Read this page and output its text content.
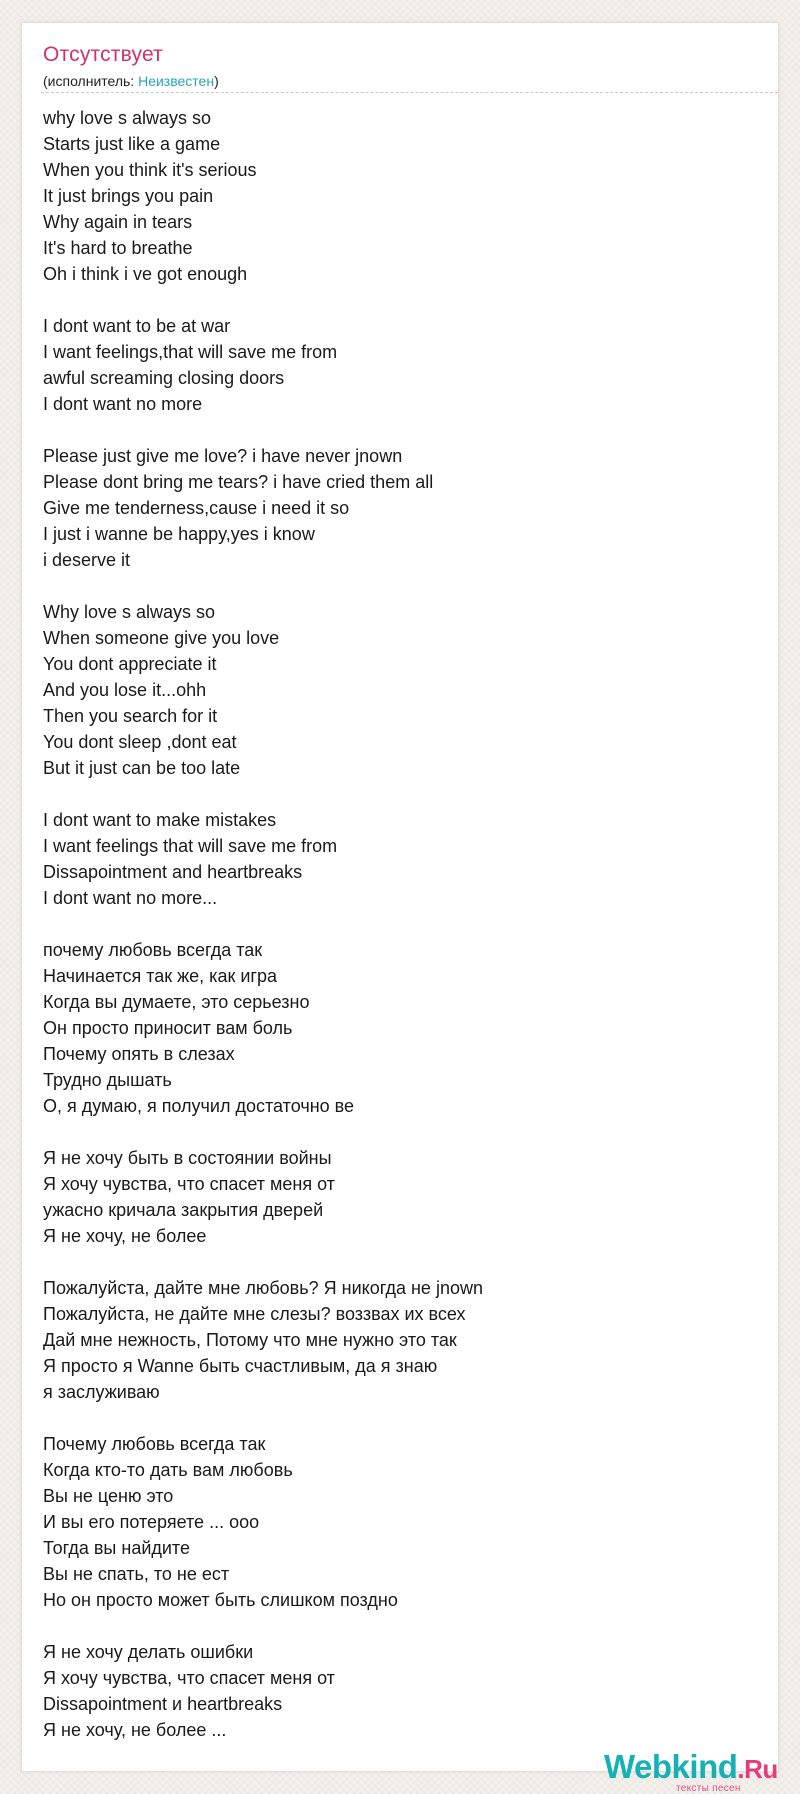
Отсутствует
(исполнитель: Неизвестен)
why love s always so
Starts just like a game
When you think it's serious
It just brings you pain
Why again in tears
It's hard to breathe
Oh i think i ve got enough
I dont want to be at war
I want feelings,that will save me from
awful screaming closing doors
I dont want no more
Please just give me love? i have never jnown
Please dont bring me tears? i have cried them all
Give me tenderness,cause i need it so
I just i wanne be happy,yes i know
i deserve it
Why love s always so
When someone give you love
You dont appreciate it
And you lose it...ohh
Then you search for it
You dont sleep ,dont eat
But it just can be too late
I dont want to make mistakes
I want feelings that will save me from
Dissapointment and heartbreaks
I dont want no more...
почему любовь всегда так
Начинается так же, как игра
Когда вы думаете, это серьезно
Он просто приносит вам боль
Почему опять в слезах
Трудно дышать
О, я думаю, я получил достаточно ве
Я не хочу быть в состоянии войны
Я хочу чувства, что спасет меня от
ужасно кричала закрытия дверей
Я не хочу, не более
Пожалуйста, дайте мне любовь? Я никогда не jnown
Пожалуйста, не дайте мне слезы? воззвах их всех
Дай мне нежность, Потому что мне нужно это так
Я просто я Wanne быть счастливым, да я знаю
я заслуживаю
Почему любовь всегда так
Когда кто-то дать вам любовь
Вы не ценю это
И вы его потеряете ... ооо
Тогда вы найдите
Вы не спать, то не ест
Но он просто может быть слишком поздно
Я не хочу делать ошибки
Я хочу чувства, что спасет меня от
Dissapointment и heartbreaks
Я не хочу, не более ...
Webkind.Ru
тексты песен
